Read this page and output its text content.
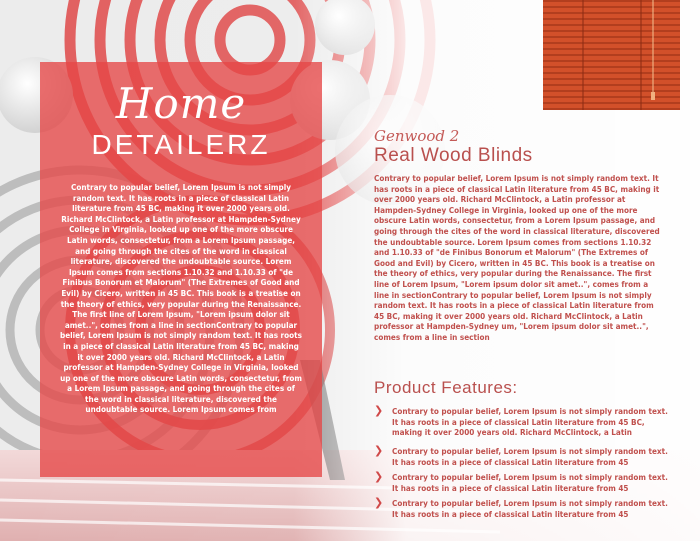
Home
DETAILERZ
Contrary to popular belief, Lorem Ipsum is not simply random text. It has roots in a piece of classical Latin literature from 45 BC, making it over 2000 years old. Richard McClintock, a Latin professor at Hampden-Sydney College in Virginia, looked up one of the more obscure Latin words, consectetur, from a Lorem Ipsum passage, and going through the cites of the word in classical literature, discovered the undoubtable source. Lorem Ipsum comes from sections 1.10.32 and 1.10.33 of "de Finibus Bonorum et Malorum" (The Extremes of Good and Evil) by Cicero, written in 45 BC. This book is a treatise on the theory of ethics, very popular during the Renaissance. The first line of Lorem Ipsum, "Lorem ipsum dolor sit amet..", comes from a line in sectionContrary to popular belief, Lorem Ipsum is not simply random text. It has roots in a piece of classical Latin literature from 45 BC, making it over 2000 years old. Richard McClintock, a Latin professor at Hampden-Sydney College in Virginia, looked up one of the more obscure Latin words, consectetur, from a Lorem Ipsum passage, and going through the cites of the word in classical literature, discovered the undoubtable source. Lorem Ipsum comes from

Genwood 2

Real Wood Blinds

Contrary to popular belief, Lorem Ipsum is not simply random text. It has roots in a piece of classical Latin literature from 45 BC, making it over 2000 years old. Richard McClintock, a Latin professor at Hampden-Sydney College in Virginia, looked up one of the more obscure Latin words, consectetur, from a Lorem Ipsum passage, and going through the cites of the word in classical literature, discovered the undoubtable source. Lorem Ipsum comes from sections 1.10.32 and 1.10.33 of "de Finibus Bonorum et Malorum" (The Extremes of Good and Evil) by Cicero, written in 45 BC. This book is a treatise on the theory of ethics, very popular during the Renaissance. The first line of Lorem Ipsum, "Lorem ipsum dolor sit amet..", comes from a line in sectionContrary to popular belief, Lorem Ipsum is not simply random text. It has roots in a piece of classical Latin literature from 45 BC, making it over 2000 years old. Richard McClintock, a Latin professor at Hampden-Sydney um, "Lorem ipsum dolor sit amet..", comes from a line in section

Product Features:
❯ Contrary to popular belief, Lorem Ipsum is not simply random text. It has roots in a piece of classical Latin literature from 45 BC, making it over 2000 years old. Richard McClintock, a Latin
❯ Contrary to popular belief, Lorem Ipsum is not simply random text. It has roots in a piece of classical Latin literature from 45
❯ Contrary to popular belief, Lorem Ipsum is not simply random text. It has roots in a piece of classical Latin literature from 45
❯ Contrary to popular belief, Lorem Ipsum is not simply random text. It has roots in a piece of classical Latin literature from 45
